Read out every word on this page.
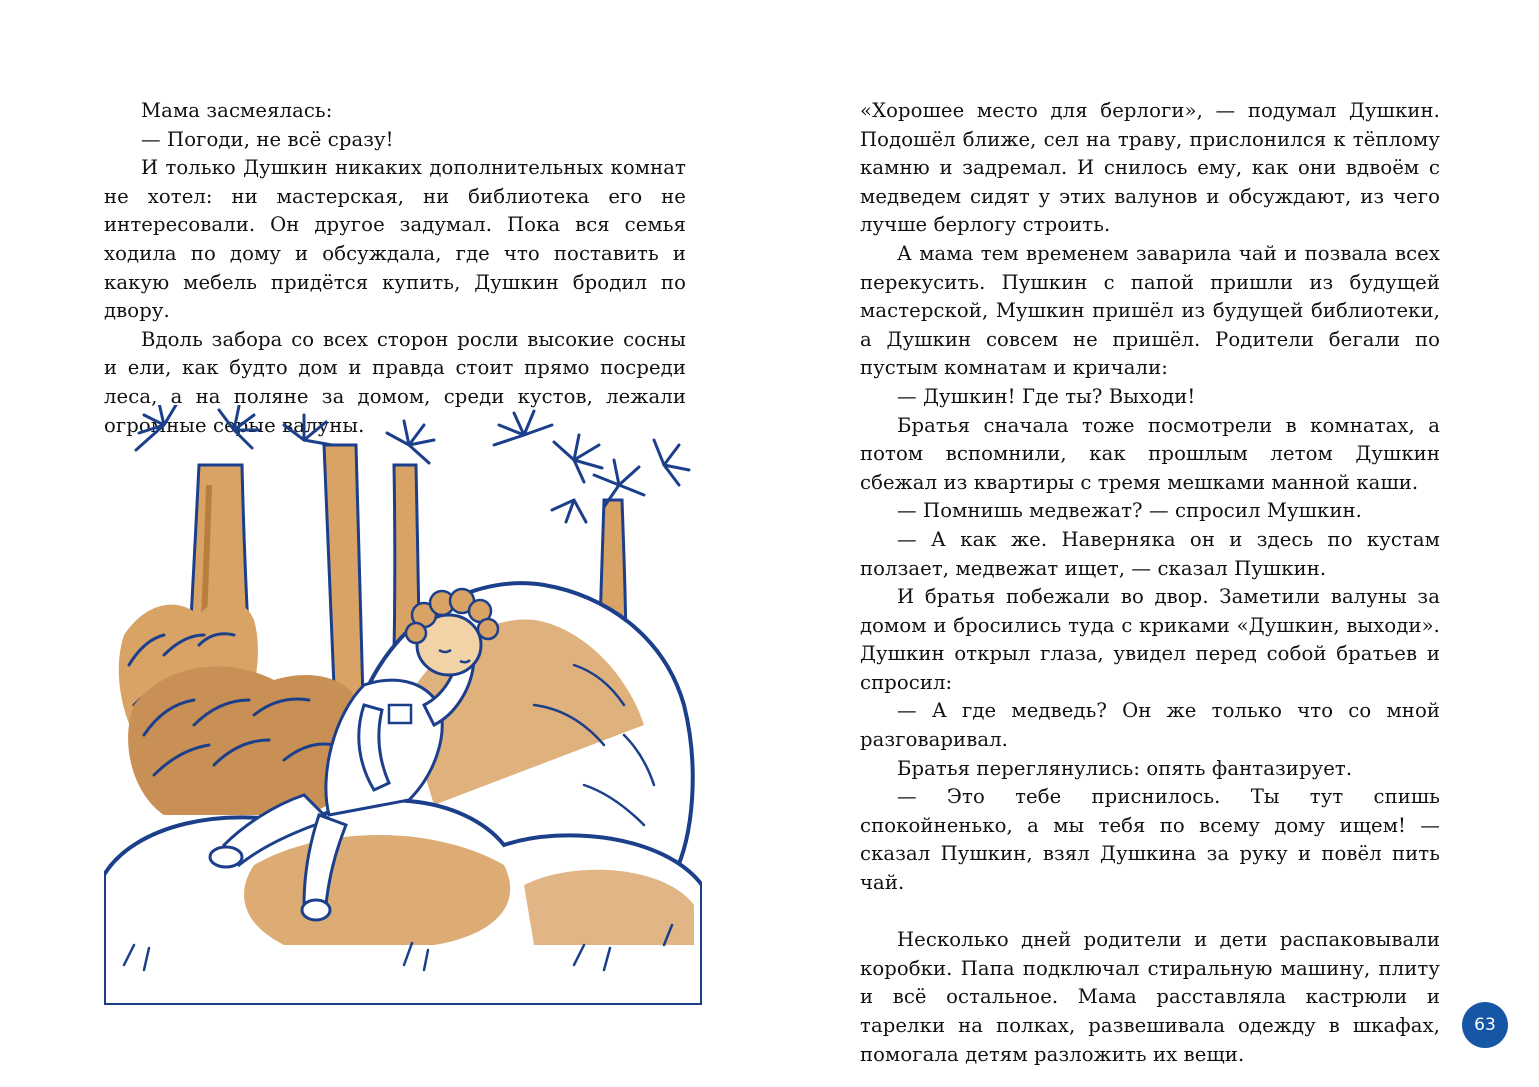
Мама засмеялась:

— Погоди, не всё сразу!

И только Душкин никаких дополнительных комнат не хотел: ни мастерская, ни библиотека его не интересовали. Он другое задумал. Пока вся семья ходила по дому и обсуждала, где что поставить и какую мебель придётся купить, Душкин бродил по двору.

Вдоль забора со всех сторон росли высокие сосны и ели, как будто дом и правда стоит прямо посреди леса, а на поляне за домом, среди кустов, лежали огромные серые валуны.

«Хорошее место для берлоги», — подумал Душкин. Подошёл ближе, сел на траву, прислонился к тёплому камню и задремал. И снилось ему, как они вдвоём с медведем сидят у этих валунов и обсуждают, из чего лучше берлогу строить.

А мама тем временем заварила чай и позвала всех перекусить. Пушкин с папой пришли из будущей мастерской, Мушкин пришёл из будущей библиотеки, а Душкин совсем не пришёл. Родители бегали по пустым комнатам и кричали:

— Душкин! Где ты? Выходи!

Братья сначала тоже посмотрели в комнатах, а потом вспомнили, как прошлым летом Душкин сбежал из квартиры с тремя мешками манной каши.

— Помнишь медвежат? — спросил Мушкин.

— А как же. Наверняка он и здесь по кустам ползает, медвежат ищет, — сказал Пушкин.

И братья побежали во двор. Заметили валуны за домом и бросились туда с криками «Душкин, выходи». Душкин открыл глаза, увидел перед собой братьев и спросил:

— А где медведь? Он же только что со мной разговаривал.

Братья переглянулись: опять фантазирует.

— Это тебе приснилось. Ты тут спишь спокойненько, а мы тебя по всему дому ищем! — сказал Пушкин, взял Душкина за руку и повёл пить чай.

Несколько дней родители и дети распаковывали коробки. Папа подключал стиральную машину, плиту и всё остальное. Мама расставляла кастрюли и тарелки на полках, развешивала одежду в шкафах, помогала детям разложить их вещи.

63
